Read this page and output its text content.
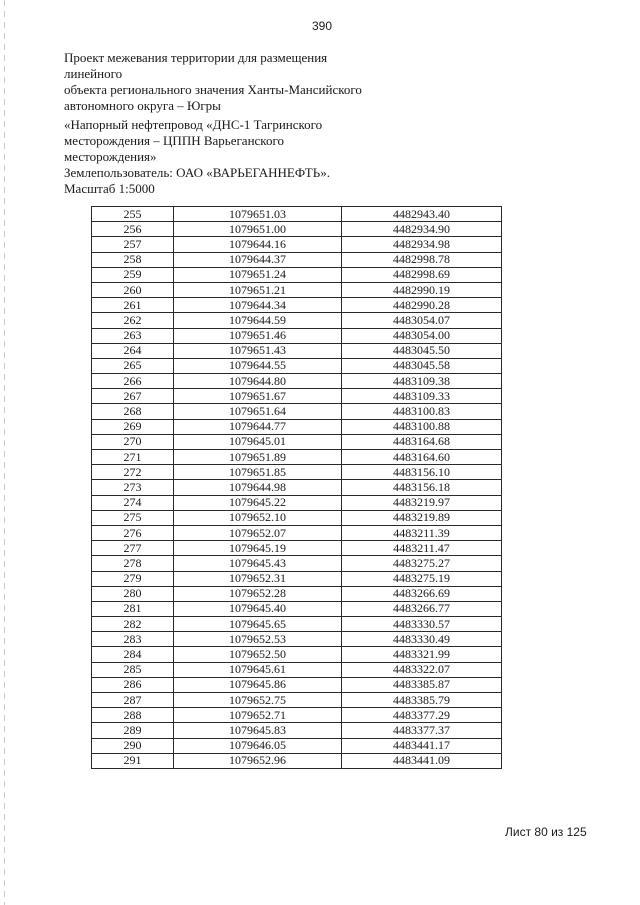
390

Проект межевания территории для размещения линейного

объекта регионального значения Ханты-Мансийского

автономного округа – Югры

«Напорный нефтепровод «ДНС-1 Тагринского

месторождения – ЦППН Варьеганского

месторождения»

Землепользователь: ОАО «ВАРЬЕГАННЕФТЬ».

Масштаб 1:5000

255	1079651.03	4482943.40
256	1079651.00	4482934.90
257	1079644.16	4482934.98
258	1079644.37	4482998.78
259	1079651.24	4482998.69
260	1079651.21	4482990.19
261	1079644.34	4482990.28
262	1079644.59	4483054.07
263	1079651.46	4483054.00
264	1079651.43	4483045.50
265	1079644.55	4483045.58
266	1079644.80	4483109.38
267	1079651.67	4483109.33
268	1079651.64	4483100.83
269	1079644.77	4483100.88
270	1079645.01	4483164.68
271	1079651.89	4483164.60
272	1079651.85	4483156.10
273	1079644.98	4483156.18
274	1079645.22	4483219.97
275	1079652.10	4483219.89
276	1079652.07	4483211.39
277	1079645.19	4483211.47
278	1079645.43	4483275.27
279	1079652.31	4483275.19
280	1079652.28	4483266.69
281	1079645.40	4483266.77
282	1079645.65	4483330.57
283	1079652.53	4483330.49
284	1079652.50	4483321.99
285	1079645.61	4483322.07
286	1079645.86	4483385.87
287	1079652.75	4483385.79
288	1079652.71	4483377.29
289	1079645.83	4483377.37
290	1079646.05	4483441.17
291	1079652.96	4483441.09
Лист 80 из 125
